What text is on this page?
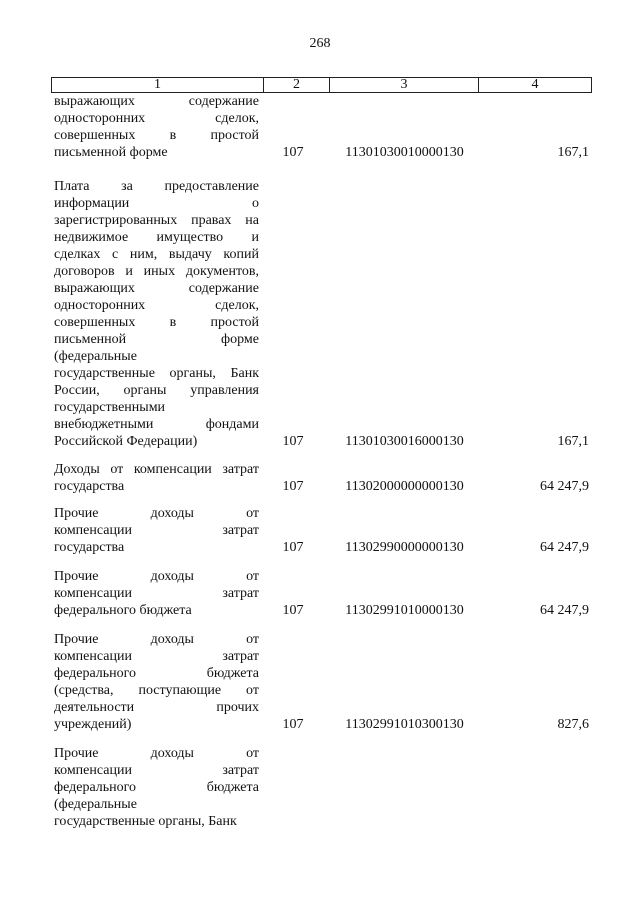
268
1	2	3	4
выражающих содержание
односторонних сделок,
совершенных в простой
письменной форме	107	11301030010000130	167,1
Плата за предоставление
информации о
зарегистрированных правах на
недвижимое имущество и
сделках с ним, выдачу копий
договоров и иных документов,
выражающих содержание
односторонних сделок,
совершенных в простой
письменной форме
(федеральные
государственные органы, Банк
России, органы управления
государственными
внебюджетными фондами
Российской Федерации)	107	11301030016000130	167,1
Доходы от компенсации затрат
государства	107	11302000000000130	64 247,9
Прочие доходы от
компенсации затрат
государства	107	11302990000000130	64 247,9
Прочие доходы от
компенсации затрат
федерального бюджета	107	11302991010000130	64 247,9
Прочие доходы от
компенсации затрат
федерального бюджета
(средства, поступающие от
деятельности прочих
учреждений)	107	11302991010300130	827,6
Прочие доходы от
компенсации затрат
федерального бюджета
(федеральные
государственные органы, Банк
